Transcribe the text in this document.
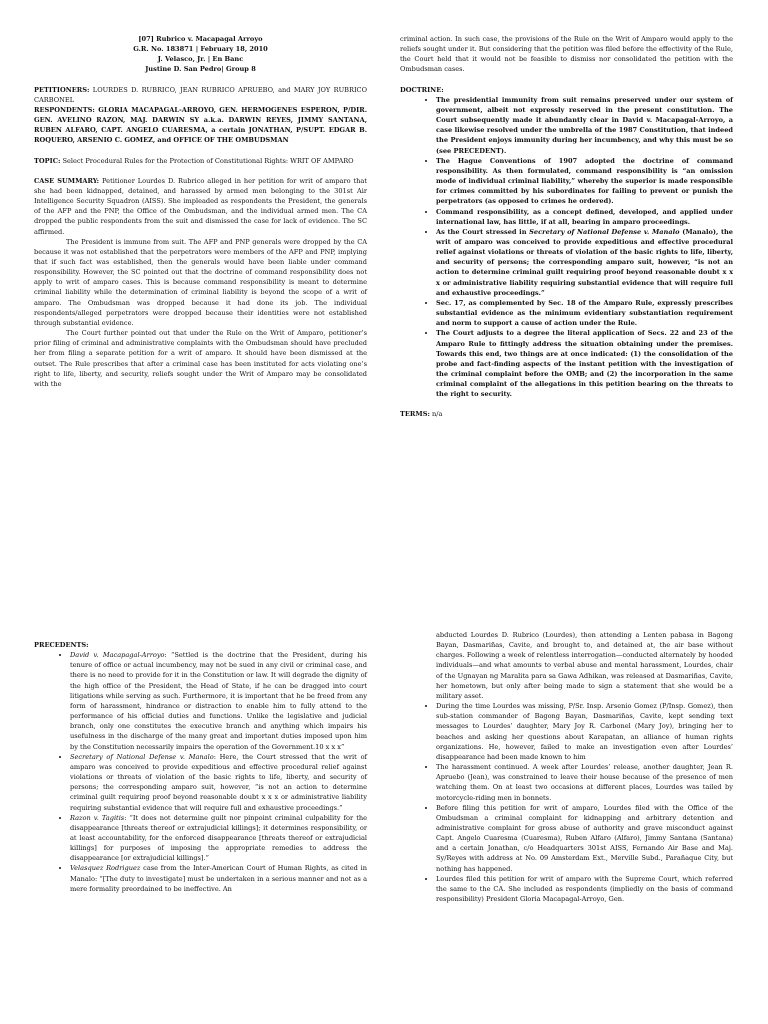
[07] Rubrico v. Macapagal Arroyo

G.R. No. 183871 | February 18, 2010

J. Velasco, Jr. | En Banc

Justine D. San Pedro| Group 8

PETITIONERS: LOURDES D. RUBRICO, JEAN RUBRICO APRUEBO, and MARY JOY RUBRICO CARBONEL

RESPONDENTS: GLORIA MACAPAGAL-ARROYO, GEN. HERMOGENES ESPERON, P/DIR. GEN. AVELINO RAZON, MAJ. DARWIN SY a.k.a. DARWIN REYES, JIMMY SANTANA, RUBEN ALFARO, CAPT. ANGELO CUARESMA, a certain JONATHAN, P/SUPT. EDGAR B. ROQUERO, ARSENIO C. GOMEZ, and OFFICE OF THE OMBUDSMAN

TOPIC: Select Procedural Rules for the Protection of Constitutional Rights: WRIT OF AMPARO

CASE SUMMARY: Petitioner Lourdes D. Rubrico alleged in her petition for writ of amparo that she had been kidnapped, detained, and harassed by armed men belonging to the 301st Air Intelligence Security Squadron (AISS). She impleaded as respondents the President, the generals of the AFP and the PNP, the Office of the Ombudsman, and the individual armed men. The CA dropped the public respondents from the suit and dismissed the case for lack of evidence. The SC affirmed.

The President is immune from suit. The AFP and PNP generals were dropped by the CA because it was not established that the perpetrators were members of the AFP and PNP, implying that if such fact was established, then the generals would have been liable under command responsibility. However, the SC pointed out that the doctrine of command responsibility does not apply to writ of amparo cases. This is because command responsibility is meant to determine criminal liability while the determination of criminal liability is beyond the scope of a writ of amparo. The Ombudsman was dropped because it had done its job. The individual respondents/alleged perpetrators were dropped because their identities were not established through substantial evidence.

The Court further pointed out that under the Rule on the Writ of Amparo, petitioner’s prior filing of criminal and administrative complaints with the Ombudsman should have precluded her from filing a separate petition for a writ of amparo. It should have been dismissed at the outset. The Rule prescribes that after a criminal case has been instituted for acts violating one’s right to life, liberty, and security, reliefs sought under the Writ of Amparo may be consolidated with the

criminal action. In such case, the provisions of the Rule on the Writ of Amparo would apply to the reliefs sought under it. But considering that the petition was filed before the effectivity of the Rule, the Court held that it would not be feasible to dismiss nor consolidated the petition with the Ombudsman cases.

DOCTRINE:

• The presidential immunity from suit remains preserved under our system of government, albeit not expressly reserved in the present constitution. The Court subsequently made it abundantly clear in David v. Macapagal-Arroyo, a case likewise resolved under the umbrella of the 1987 Constitution, that indeed the President enjoys immunity during her incumbency, and why this must be so (see PRECEDENT).
• The Hague Conventions of 1907 adopted the doctrine of command responsibility. As then formulated, command responsibility is “an omission mode of individual criminal liability,” whereby the superior is made responsible for crimes committed by his subordinates for failing to prevent or punish the perpetrators (as opposed to crimes he ordered).
• Command responsibility, as a concept defined, developed, and applied under international law, has little, if at all, bearing in amparo proceedings.
• As the Court stressed in Secretary of National Defense v. Manalo (Manalo), the writ of amparo was conceived to provide expeditious and effective procedural relief against violations or threats of violation of the basic rights to life, liberty, and security of persons; the corresponding amparo suit, however, “is not an action to determine criminal guilt requiring proof beyond reasonable doubt x x x or administrative liability requiring substantial evidence that will require full and exhaustive proceedings.”
• Sec. 17, as complemented by Sec. 18 of the Amparo Rule, expressly prescribes substantial evidence as the minimum evidentiary substantiation requirement and norm to support a cause of action under the Rule.
• The Court adjusts to a degree the literal application of Secs. 22 and 23 of the Amparo Rule to fittingly address the situation obtaining under the premises. Towards this end, two things are at once indicated: (1) the consolidation of the probe and fact-finding aspects of the instant petition with the investigation of the criminal complaint before the OMB; and (2) the incorporation in the same criminal complaint of the allegations in this petition bearing on the threats to the right to security.

TERMS: n/a

PRECEDENTS:

• David v. Macapagal-Arroyo: “Settled is the doctrine that the President, during his tenure of office or actual incumbency, may not be sued in any civil or criminal case, and there is no need to provide for it in the Constitution or law. It will degrade the dignity of the high office of the President, the Head of State, if he can be dragged into court litigations while serving as such. Furthermore, it is important that he be freed from any form of harassment, hindrance or distraction to enable him to fully attend to the performance of his official duties and functions. Unlike the legislative and judicial branch, only one constitutes the executive branch and anything which impairs his usefulness in the discharge of the many great and important duties imposed upon him by the Constitution necessarily impairs the operation of the Government.10 x x x”
• Secretary of National Defense v. Manalo: Here, the Court stressed that the writ of amparo was conceived to provide expeditious and effective procedural relief against violations or threats of violation of the basic rights to life, liberty, and security of persons; the corresponding amparo suit, however, “is not an action to determine criminal guilt requiring proof beyond reasonable doubt x x x or administrative liability requiring substantial evidence that will require full and exhaustive proceedings.”
• Razon v. Tagitis: “It does not determine guilt nor pinpoint criminal culpability for the disappearance [threats thereof or extrajudicial killings]; it determines responsibility, or at least accountability, for the enforced disappearance [threats thereof or extrajudicial killings] for purposes of imposing the appropriate remedies to address the disappearance [or extrajudicial killings].”
• Velasquez Rodriguez case from the Inter-American Court of Human Rights, as cited in Manalo: “[The duty to investigate] must be undertaken in a serious manner and not as a mere formality preordained to be ineffective. An

abducted Lourdes D. Rubrico (Lourdes), then attending a Lenten pabasa in Bagong Bayan, Dasmariñas, Cavite, and brought to, and detained at, the air base without charges. Following a week of relentless interrogation—conducted alternately by hooded individuals—and what amounts to verbal abuse and mental harassment, Lourdes, chair of the Ugnayan ng Maralita para sa Gawa Adhikan, was released at Dasmariñas, Cavite, her hometown, but only after being made to sign a statement that she would be a military asset.

• During the time Lourdes was missing, P/Sr. Insp. Arsenio Gomez (P/Insp. Gomez), then sub-station commander of Bagong Bayan, Dasmariñas, Cavite, kept sending text messages to Lourdes’ daughter, Mary Joy R. Carbonel (Mary Joy), bringing her to beaches and asking her questions about Karapatan, an alliance of human rights organizations. He, however, failed to make an investigation even after Lourdes’ disappearance had been made known to him
• The harassment continued. A week after Lourdes’ release, another daughter, Jean R. Apruebo (Jean), was constrained to leave their house because of the presence of men watching them. On at least two occasions at different places, Lourdes was tailed by motorcycle-riding men in bonnets.
• Before filing this petition for writ of amparo, Lourdes filed with the Office of the Ombudsman a criminal complaint for kidnapping and arbitrary detention and administrative complaint for gross abuse of authority and grave misconduct against Capt. Angelo Cuaresma (Cuaresma), Ruben Alfaro (Alfaro), Jimmy Santana (Santana) and a certain Jonathan, c/o Headquarters 301st AISS, Fernando Air Base and Maj. Sy/Reyes with address at No. 09 Amsterdam Ext., Merville Subd., Parañaque City, but nothing has happened.
• Lourdes filed this petition for writ of amparo with the Supreme Court, which referred the same to the CA. She included as respondents (impliedly on the basis of command responsibility) President Gloria Macapagal-Arroyo, Gen.
